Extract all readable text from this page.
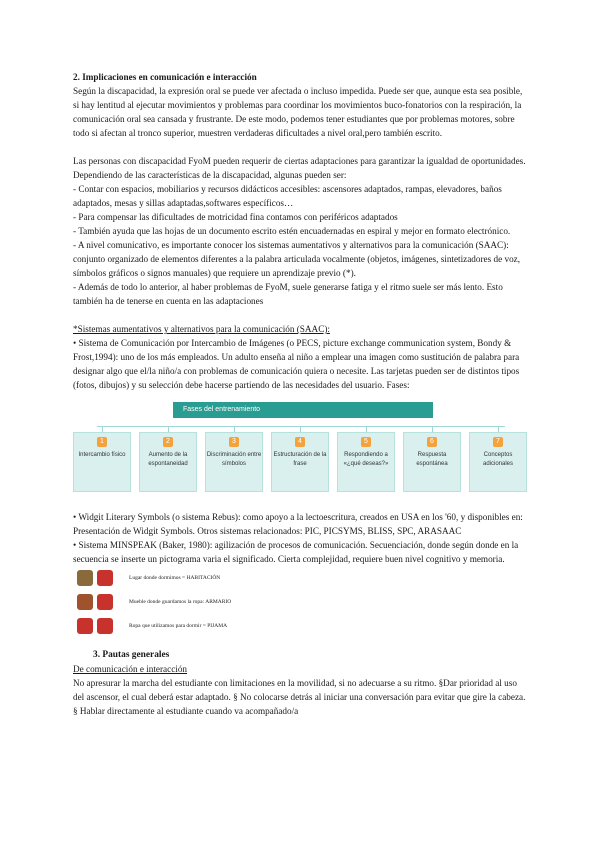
2. Implicaciones en comunicación e interacción

Según la discapacidad, la expresión oral se puede ver afectada o incluso impedida. Puede ser que, aunque esta sea posible, si hay lentitud al ejecutar movimientos y problemas para coordinar los movimientos buco-fonatorios con la respiración, la comunicación oral sea cansada y frustrante. De este modo, podemos tener estudiantes que por problemas motores, sobre todo si afectan al tronco superior, muestren verdaderas dificultades a nivel oral,pero también escrito.

Las personas con discapacidad FyoM pueden requerir de ciertas adaptaciones para garantizar la igualdad de oportunidades. Dependiendo de las características de la discapacidad, algunas pueden ser:

- Contar con espacios, mobiliarios y recursos didácticos accesibles: ascensores adaptados, rampas, elevadores, baños adaptados, mesas y sillas adaptadas,softwares específicos…

- Para compensar las dificultades de motricidad fina contamos con periféricos adaptados

- También ayuda que las hojas de un documento escrito estén encuadernadas en espiral y mejor en formato electrónico.

- A nivel comunicativo, es importante conocer los sistemas aumentativos y alternativos para la comunicación (SAAC): conjunto organizado de elementos diferentes a la palabra articulada vocalmente (objetos, imágenes, sintetizadores de voz, símbolos gráficos o signos manuales) que requiere un aprendizaje previo (*).

- Además de todo lo anterior, al haber problemas de FyoM, suele generarse fatiga y el ritmo suele ser más lento. Esto también ha de tenerse en cuenta en las adaptaciones

*Sistemas aumentativos y alternativos para la comunicación (SAAC):

• Sistema de Comunicación por Intercambio de Imágenes (o PECS, picture exchange communication system, Bondy & Frost,1994): uno de los más empleados. Un adulto enseña al niño a emplear una imagen como sustitución de palabra para designar algo que el/la niño/a con problemas de comunicación quiera o necesite. Las tarjetas pueden ser de distintos tipos (fotos, dibujos) y su selección debe hacerse partiendo de las necesidades del usuario. Fases:

Fases del entrenamiento
1
Intercambio físico
2
Aumento de la espontaneidad
3
Discriminación entre símbolos
4
Estructuración de la frase
5
Respondiendo a «¿qué deseas?»
6
Respuesta espontánea
7
Conceptos adicionales

• Widgit Literary Symbols (o sistema Rebus): como apoyo a la lectoescritura, creados en USA en los '60, y disponibles en: Presentación de Widgit Symbols. Otros sistemas relacionados: PIC, PICSYMS, BLISS, SPC, ARASAAC

• Sistema MINSPEAK (Baker, 1980): agilización de procesos de comunicación. Secuenciación, donde según donde en la secuencia se inserte un pictograma varia el significado. Cierta complejidad, requiere buen nivel cognitivo y memoria.

Lugar donde dormimos = HABITACIÓN
Mueble donde guardamos la ropa: ARMARIO
Ropa que utilizamos para dormir = PIJAMA

3. Pautas generales

De comunicación e interacción

No apresurar la marcha del estudiante con limitaciones en la movilidad, si no adecuarse a su ritmo. §Dar prioridad al uso del ascensor, el cual deberá estar adaptado. § No colocarse detrás al iniciar una conversación para evitar que gire la cabeza. § Hablar directamente al estudiante cuando va acompañado/a
